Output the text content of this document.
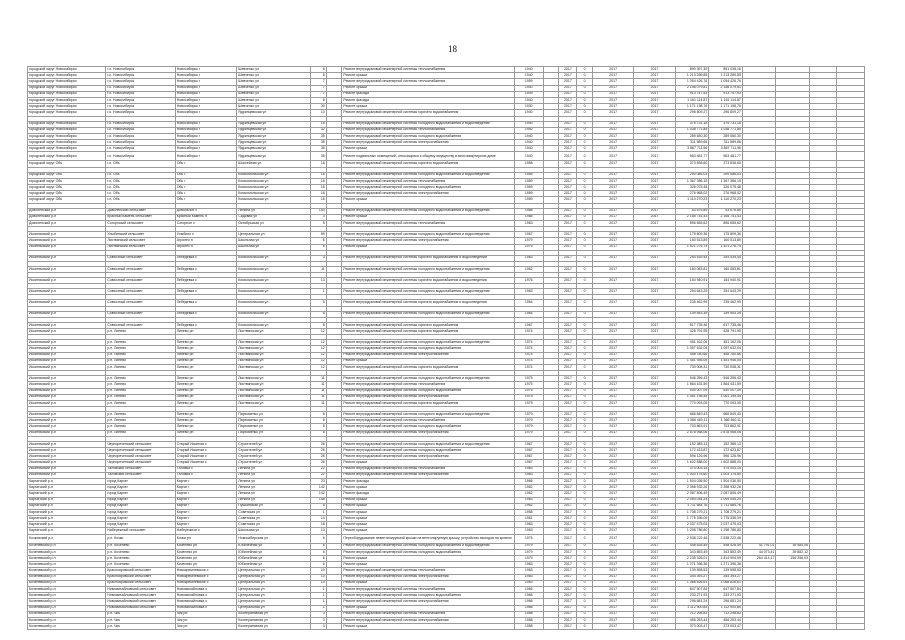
18
городской округ Новосибирск	г.о. Новосибирск	Новосибирск г	Шевченко ул	6		Ремонт внутридомовой инженерной системы теплоснабжения	1940		2017	0	2017	2017	890 397,39	891 035,16				
городской округ Новосибирск	г.о. Новосибирск	Новосибирск г	Шевченко ул	8		Ремонт крыши	1940		2017	0	2017	2017	1 213 289,85	1 213 289,85				
городской округ Новосибирск	г.о. Новосибирск	Новосибирск г	Шевченко ул	7		Ремонт внутридомовой инженерной системы теплоснабжения	1959		2017	0	2017	2017	1 054 426,76	1 054 426,76				
городской округ Новосибирск	г.о. Новосибирск	Новосибирск г	Шевченко ул	7		Ремонт крыши	1940		2017	0	2017	2017	2 156 079,81	2 156 079,81				
городской округ Новосибирск	г.о. Новосибирск	Новосибирск г	Шевченко ул	7		Ремонт фасада	1949		2017	0	2017	2017	913 747,53	913 747,53				
городской округ Новосибирск	г.о. Новосибирск	Новосибирск г	Шевченко ул	8		Ремонт фасада	1940		2017	0	2017	2017	1 161 114,87	1 161 114,87				
городской округ Новосибирск	г.о. Новосибирск	Новосибирск г	Шевченко ул	30		Ремонт крыши	1930		2017	0	2017	2017	1 171 198,76	1 171 198,76				
городской округ Новосибирск	г.о. Новосибирск	Новосибирск г	Ядринцевская ул	10		Ремонт внутридомовой инженерной системы горячего водоснабжения	1940		2017	0	2017	2017	296 809,27	296 809,27				

городской округ Новосибирск	г.о. Новосибирск	Новосибирск г	Ядринцевская ул	15		Ремонт внутридомовой инженерной системы холодного водоснабжения и водоотведения	1940		2017	0	2017	2017	375 731,18	375 731,18				
городской округ Новосибирск	г.о. Новосибирск	Новосибирск г	Ядринцевская ул	32		Ремонт внутридомовой инженерной системы теплоснабжения	1940		2017	0	2017	2017	1 038 771,85	1 038 771,85				
городской округ Новосибирск	г.о. Новосибирск	Новосибирск г	Ядринцевская ул	35		Ремонт внутридомовой инженерной системы холодного водоснабжения	1940		2017	0	2017	2017	289 650,30	289 650,30				
городской округ Новосибирск	г.о. Новосибирск	Новосибирск г	Ядринцевская ул	35		Ремонт внутридомовой инженерной системы электроснабжения	1940		2017	0	2017	2017	311 589,66	311 589,66				
городской округ Новосибирск	г.о. Новосибирск	Новосибирск г	Ядринцевская ул	35		Ремонт крыши	1940		2017	0	2017	2017	3 867 711,96	3 867 711,96				
городской округ Новосибирск	г.о. Новосибирск	Новосибирск г	Ядринцевская ул	35		Ремонт подвальных помещений, относящихся к общему имуществу в многоквартирном доме	1940		2017	0	2017	2017	563 481,77	563 481,77				
городской округ Обь	г.о. Обь	Обь г	Шоссейная ул	16		Ремонт внутридомовой инженерной системы горячего водоснабжения	1958		2017	0	2017	2017	373 836,60	373 836,60				

городской округ Обь	г.о. Обь	Обь г	Комсомольская ул	16		Ремонт внутридомовой инженерной системы холодного водоснабжения и водоотведения	1959		2017	0	2017	2017	290 086,03	290 086,03				
городской округ Обь	г.о. Обь	Обь г	Комсомольская ул	16		Ремонт внутридомовой инженерной системы теплоснабжения	1959		2017	0	2017	2017	1 367 386,15	1 367 386,15				
городской округ Обь	г.о. Обь	Обь г	Комсомольская ул	16		Ремонт внутридомовой инженерной системы холодного водоснабжения	1959		2017	0	2017	2017	326 075,48	326 075,48				
городской округ Обь	г.о. Обь	Обь г	Комсомольская ул	16		Ремонт внутридомовой инженерной системы электроснабжения	1959		2017	0	2017	2017	276 968,02	276 968,02				
городской округ Обь	г.о. Обь	Обь г	Комсомольская ул	16		Ремонт крыши	1959		2017	0	2017	2017	1 110 270,23	1 110 270,23				

Доволенский р-н	Доволенский сельсовет	Довольное с	Ленина ул	153		Ремонт внутридомовой инженерной системы холодного водоснабжения и водоотведения	1968		2017	0	2017	2017	53 676,89	53 676,89				
Доволенский р-н	Красный Камень сельсовет	Красный Камень п	Садовая ул	3		Ремонт крыши	1985		2017	0	2017	2017	2 165 741,43	2 165 741,43				
Доволенский р-н	Согорнский сельсовет	Согорное с	Октябрьская ул	5		Ремонт внутридомовой инженерной системы теплоснабжения	1963		2017	0	2017	2017	896 655,62	896 655,62				

Искитимский р-н	Улыбинский сельсовет	Улыбино с	Центральная ул	59		Ремонт внутридомовой инженерной системы холодного водоснабжения и водоотведения	1967		2017	0	2017	2017	175 809,36	175 809,36				
Искитимский р-н	Листвянский сельсовет	Агролес п	Школьная ул	6		Ремонт внутридомовой инженерной системы электроснабжения	1979		2017	0	2017	2017	160 513,89	160 513,89				
Искитимский р-н	Листвянский сельсовет	Агролес п	Школьная ул	6		Ремонт крыши	1979		2017	0	2017	2017	1 521 276,74	1 521 276,74				

Искитимский р-н	Совхозный сельсовет	Лебедевка с	Комсомольская ул	3		Ремонт внутридомовой инженерной системы горячего водоснабжения и водоотведения	1963		2017	0	2017	2017	254 539,44	254 539,44				

Искитимский р-н	Совхозный сельсовет	Лебедевка с	Комсомольская ул	11		Ремонт внутридомовой инженерной системы холодного водоснабжения и водоотведения	1962		2017	0	2017	2017	160 083,81	160 083,81				

Искитимский р-н	Совхозный сельсовет	Лебедевка с	Комсомольская ул	13		Ремонт внутридомовой инженерной системы горячего водоснабжения и водоотведения	1976		2017	0	2017	2017	154 940,91	154 940,91				

Искитимский р-н	Совхозный сельсовет	Лебедевка с	Комсомольская ул	1		Ремонт внутридомовой инженерной системы холодного водоснабжения и водоотведения	1963		2017	0	2017	2017	254 643,29	254 643,29				

Искитимский р-н	Совхозный сельсовет	Лебедевка с	Комсомольская ул	5		Ремонт внутридомовой инженерной системы горячего водоснабжения и водоотведения	1964		2017	0	2017	2017	235 462,99	235 462,99				

Искитимский р-н	Совхозный сельсовет	Лебедевка с	Комсомольская ул	5		Ремонт внутридомовой инженерной системы холодного водоснабжения и водоотведения	1964		2017	0	2017	2017	149 553,39	149 553,39				

Искитимский р-н	Совхозный сельсовет	Лебедевка с	Комсомольская ул	8		Ремонт внутридомовой инженерной системы горячего водоснабжения	1967		2017	0	2017	2017	617 735,46	617 735,46				
Искитимский р-н	р.п. Линево	Линево рп	Листвянская ул	12		Ремонт внутридомовой инженерной системы горячего водоснабжения	1974		2017	0	2017	2017	428 791,95	428 791,95				

Искитимский р-н	р.п. Линево	Линево рп	Листвянская ул	12		Ремонт внутридомовой инженерной системы холодного водоснабжения и водоотведения	1974		2017	0	2017	2017	451 162,06	451 162,06				
Искитимский р-н	р.п. Линево	Линево рп	Листвянская ул	12		Ремонт внутридомовой инженерной системы холодного водоснабжения	1974		2017	0	2017	2017	1 057 632,04	1 057 632,04				
Искитимский р-н	р.п. Линево	Линево рп	Листвянская ул	12		Ремонт внутридомовой инженерной системы электроснабжения	1974		2017	0	2017	2017	458 780,66	458 780,66				
Искитимский р-н	р.п. Линево	Линево рп	Листвянская ул	12		Ремонт крыши	1974		2017	0	2017	2017	1 451 946,05	1 451 946,05				
Искитимский р-н	р.п. Линево	Линево рп	Листвянская ул	12		Ремонт внутридомовой инженерной системы горячего водоснабжения	1974		2017	0	2017	2017	730 008,31	730 008,31				

Искитимский р-н	р.п. Линево	Линево рп	Листвянская ул	11		Ремонт внутридомовой инженерной системы холодного водоснабжения и водоотведения	1975		2017	0	2017	2017	546 256,43	546 256,43				
Искитимский р-н	р.п. Линево	Линево рп	Листвянская ул	11		Ремонт внутридомовой инженерной системы теплоснабжения	1975		2017	0	2017	2017	1 864 431,59	1 864 431,59				
Искитимский р-н	р.п. Линево	Линево рп	Листвянская ул	11		Ремонт внутридомовой инженерной системы холодного водоснабжения	1975		2017	0	2017	2017	530 007,09	530 007,09				
Искитимский р-н	р.п. Линево	Линево рп	Листвянская ул	11		Ремонт внутридомовой инженерной системы электроснабжения	1975		2017	0	2017	2017	1 061 195,45	1 061 195,45				
Искитимский р-н	р.п. Линево	Линево рп	Листвянская ул	11		Ремонт внутридомовой инженерной системы горячего водоснабжения	1975		2017	0	2017	2017	770 093,05	770 093,05				

Искитимский р-н	р.п. Линево	Линево рп	Пархоменко ул	8		Ремонт внутридомовой инженерной системы холодного водоснабжения и водоотведения	1979		2017	0	2017	2017	666 849,43	666 849,43				
Искитимский р-н	р.п. Линево	Линево рп	Пархоменко ул	8		Ремонт внутридомовой инженерной системы теплоснабжения	1979		2017	0	2017	2017	1 366 460,11	1 366 460,11				
Искитимский р-н	р.п. Линево	Линево рп	Пархоменко ул	8		Ремонт внутридомовой инженерной системы холодного водоснабжения	1979		2017	0	2017	2017	703 863,91	703 863,91				
Искитимский р-н	р.п. Линево	Линево рп	Пархоменко ул	8		Ремонт внутридомовой инженерной системы электроснабжения	1979		2017	0	2017	2017	2 878 968,06	2 878 968,06				

Искитимский р-н	Чернореченский сельсовет	Старый Искитим с	Строителей ул	26		Ремонт внутридомовой инженерной системы холодного водоснабжения и водоотведения	1967		2017	0	2017	2017	152 385,13	152 385,13				
Искитимский р-н	Чернореченский сельсовет	Старый Искитим с	Строителей ул	26		Ремонт внутридомовой инженерной системы холодного водоснабжения	1967		2017	0	2017	2017	172 423,87	172 423,87				
Искитимский р-н	Чернореченский сельсовет	Старый Искитим с	Строителей ул	26		Ремонт внутридомовой инженерной системы электроснабжения	1967		2017	0	2017	2017	596 126,96	596 126,96				
Искитимский р-н	Чернореченский сельсовет	Старый Искитим с	Строителей ул	26		Ремонт крыши	1967		2017	0	2017	2017	1 602 888,00	1 602 888,00				
Искитимский р-н	Таловский сельсовет	Таловка с	Ленина ул	22		Ремонт внутридомовой инженерной системы теплоснабжения	1963		2017	0	2017	2017	374 003,15	374 003,15				
Искитимский р-н	Таловский сельсовет	Таловка с	Ленина ул	22		Ремонт внутридомовой инженерной системы электроснабжения	1963		2017	0	2017	2017	1 003 175,60	1 003 175,60				
Каргатский р-н	город Каргат	Каргат г	Ленина ул	23		Ремонт фасада	1966		2017	0	2017	2017	1 504 036,50	1 504 036,50				
Каргатский р-н	город Каргат	Каргат г	Ленина ул	142		Ремонт крыши	1962		2017	0	2017	2017	2 358 932,26	2 358 932,26				
Каргатский р-н	город Каргат	Каргат г	Ленина ул	142		Ремонт фасада	1962		2017	0	2017	2017	2 087 806,49	2 087 806,49				
Каргатский р-н	город Каргат	Каргат г	Ленина ул	148		Ремонт крыши	1963		2017	0	2017	2017	2 094 044,24	2 094 044,24				
Каргатский р-н	город Каргат	Каргат г	Пушкинская ул	5		Ремонт крыши	1962		2017	0	2017	2017	1 711 684,76	1 711 684,76				
Каргатский р-н	город Каргат	Каргат г	Советская ул	1		Ремонт крыши	1958		2017	0	2017	2017	1 708 279,21	1 708 279,21				
Каргатский р-н	город Каргат	Каргат г	Советская ул	14		Ремонт крыши	1961		2017	0	2017	2017	1 775 336,09	1 775 336,09				
Каргатский р-н	город Каргат	Каргат г	Советская ул	18		Ремонт крыши	1963		2017	0	2017	2017	2 037 475,03	2 037 475,03				
Каргатский р-н	Набережный сельсовет	Набережное с	Школьная ул	13		Ремонт крыши	1963		2017	0	2017	2017	1 298 786,80	1 298 786,80				
Кочковский р-н	р.п. Кочки	Кочки рп	Новосибирская ул	6		Переоборудование невентилируемой крыши на вентилируемую крышу, устройство выходов на кровлю	1975		2017	0	2017	2017	2 538 222,46	2 538 222,46				
Коченевский р-н	р.п. Коченево	Коченево рп	Юбилейная ул	6		Ремонт внутридомовой инженерной системы холодного водоснабжения и водоотведения	1979		2017	0	2017	2017	448 428,49	448 428,49	41 791,01	39 484,05		
Коченевский р-н	р.п. Коченево	Коченево рп	Юбилейная ул	6		Ремонт внутридомовой инженерной системы холодного водоснабжения	1979		2017	0	2017	2017	343 853,49	343 853,49	44 073,41	39 882,12		
Коченевский р-н	р.п. Коченево	Коченево рп	Юбилейная ул	6		Ремонт крыши	1979		2017	0	2017	2017	2 235 326,01	1 814 904,99	264 414,17	156 256,03		
Коченевский р-н	р.п. Коченево	Коченево рп	Юбилейная ул	6		Ремонт крыши	1963		2017	0	2017	2017	1 271 396,36	1 271 396,36				
Коченевский р-н	Краснояровский сельсовет	Новокремлевское с	Центральная ул	10		Ремонт внутридомовой инженерной системы теплоснабжения	1963		2017	0	2017	2017	139 598,53	139 598,53				
Коченевский р-н	Краснояровский сельсовет	Новокремлевское с	Центральная ул	10		Ремонт внутридомовой инженерной системы электроснабжения	1963		2017	0	2017	2017	344 393,27	344 393,27				
Коченевский р-н	Краснояровский сельсовет	Новокремлевское с	Центральная ул	10		Ремонт крыши	1963		2017	0	2017	2017	1 068 826,61	1 068 826,61				
Коченевский р-н	Новомихайловский сельсовет	Новомихайловка с	Центральная ул	1		Ремонт внутридомовой инженерной системы теплоснабжения	1966		2017	0	2017	2017	647 507,84	647 507,84				
Коченевский р-н	Новомихайловский сельсовет	Новомихайловка с	Центральная ул	1		Ремонт внутридомовой инженерной системы холодного водоснабжения	1966		2017	0	2017	2017	233 271,93	233 271,93				
Коченевский р-н	Новомихайловский сельсовет	Новомихайловка с	Центральная ул	1		Ремонт внутридомовой инженерной системы электроснабжения	1966		2017	0	2017	2017	296 681,24	296 681,24				
Коченевский р-н	Новомихайловский сельсовет	Новомихайловка с	Центральная ул	1		Ремонт крыши	1966		2017	0	2017	2017	1 112 900,85	1 112 900,85				
Коченевский р-н	р.п. Чик	Чик рп	Кооперативная ул	3		Ремонт внутридомовой инженерной системы теплоснабжения	1958		2017	0	2017	2017	712 298,83	712 298,83				
Коченевский р-н	р.п. Чик	Чик рп	Кооперативная ул	3		Ремонт внутридомовой инженерной системы электроснабжения	1958		2017	0	2017	2017	456 253,44	456 253,44				
Коченевский р-н	р.п. Чик	Чик рп	Кооперативная ул	3		Ремонт крыши	1958		2017	0	2017	2017	373 003,47	373 003,47				
